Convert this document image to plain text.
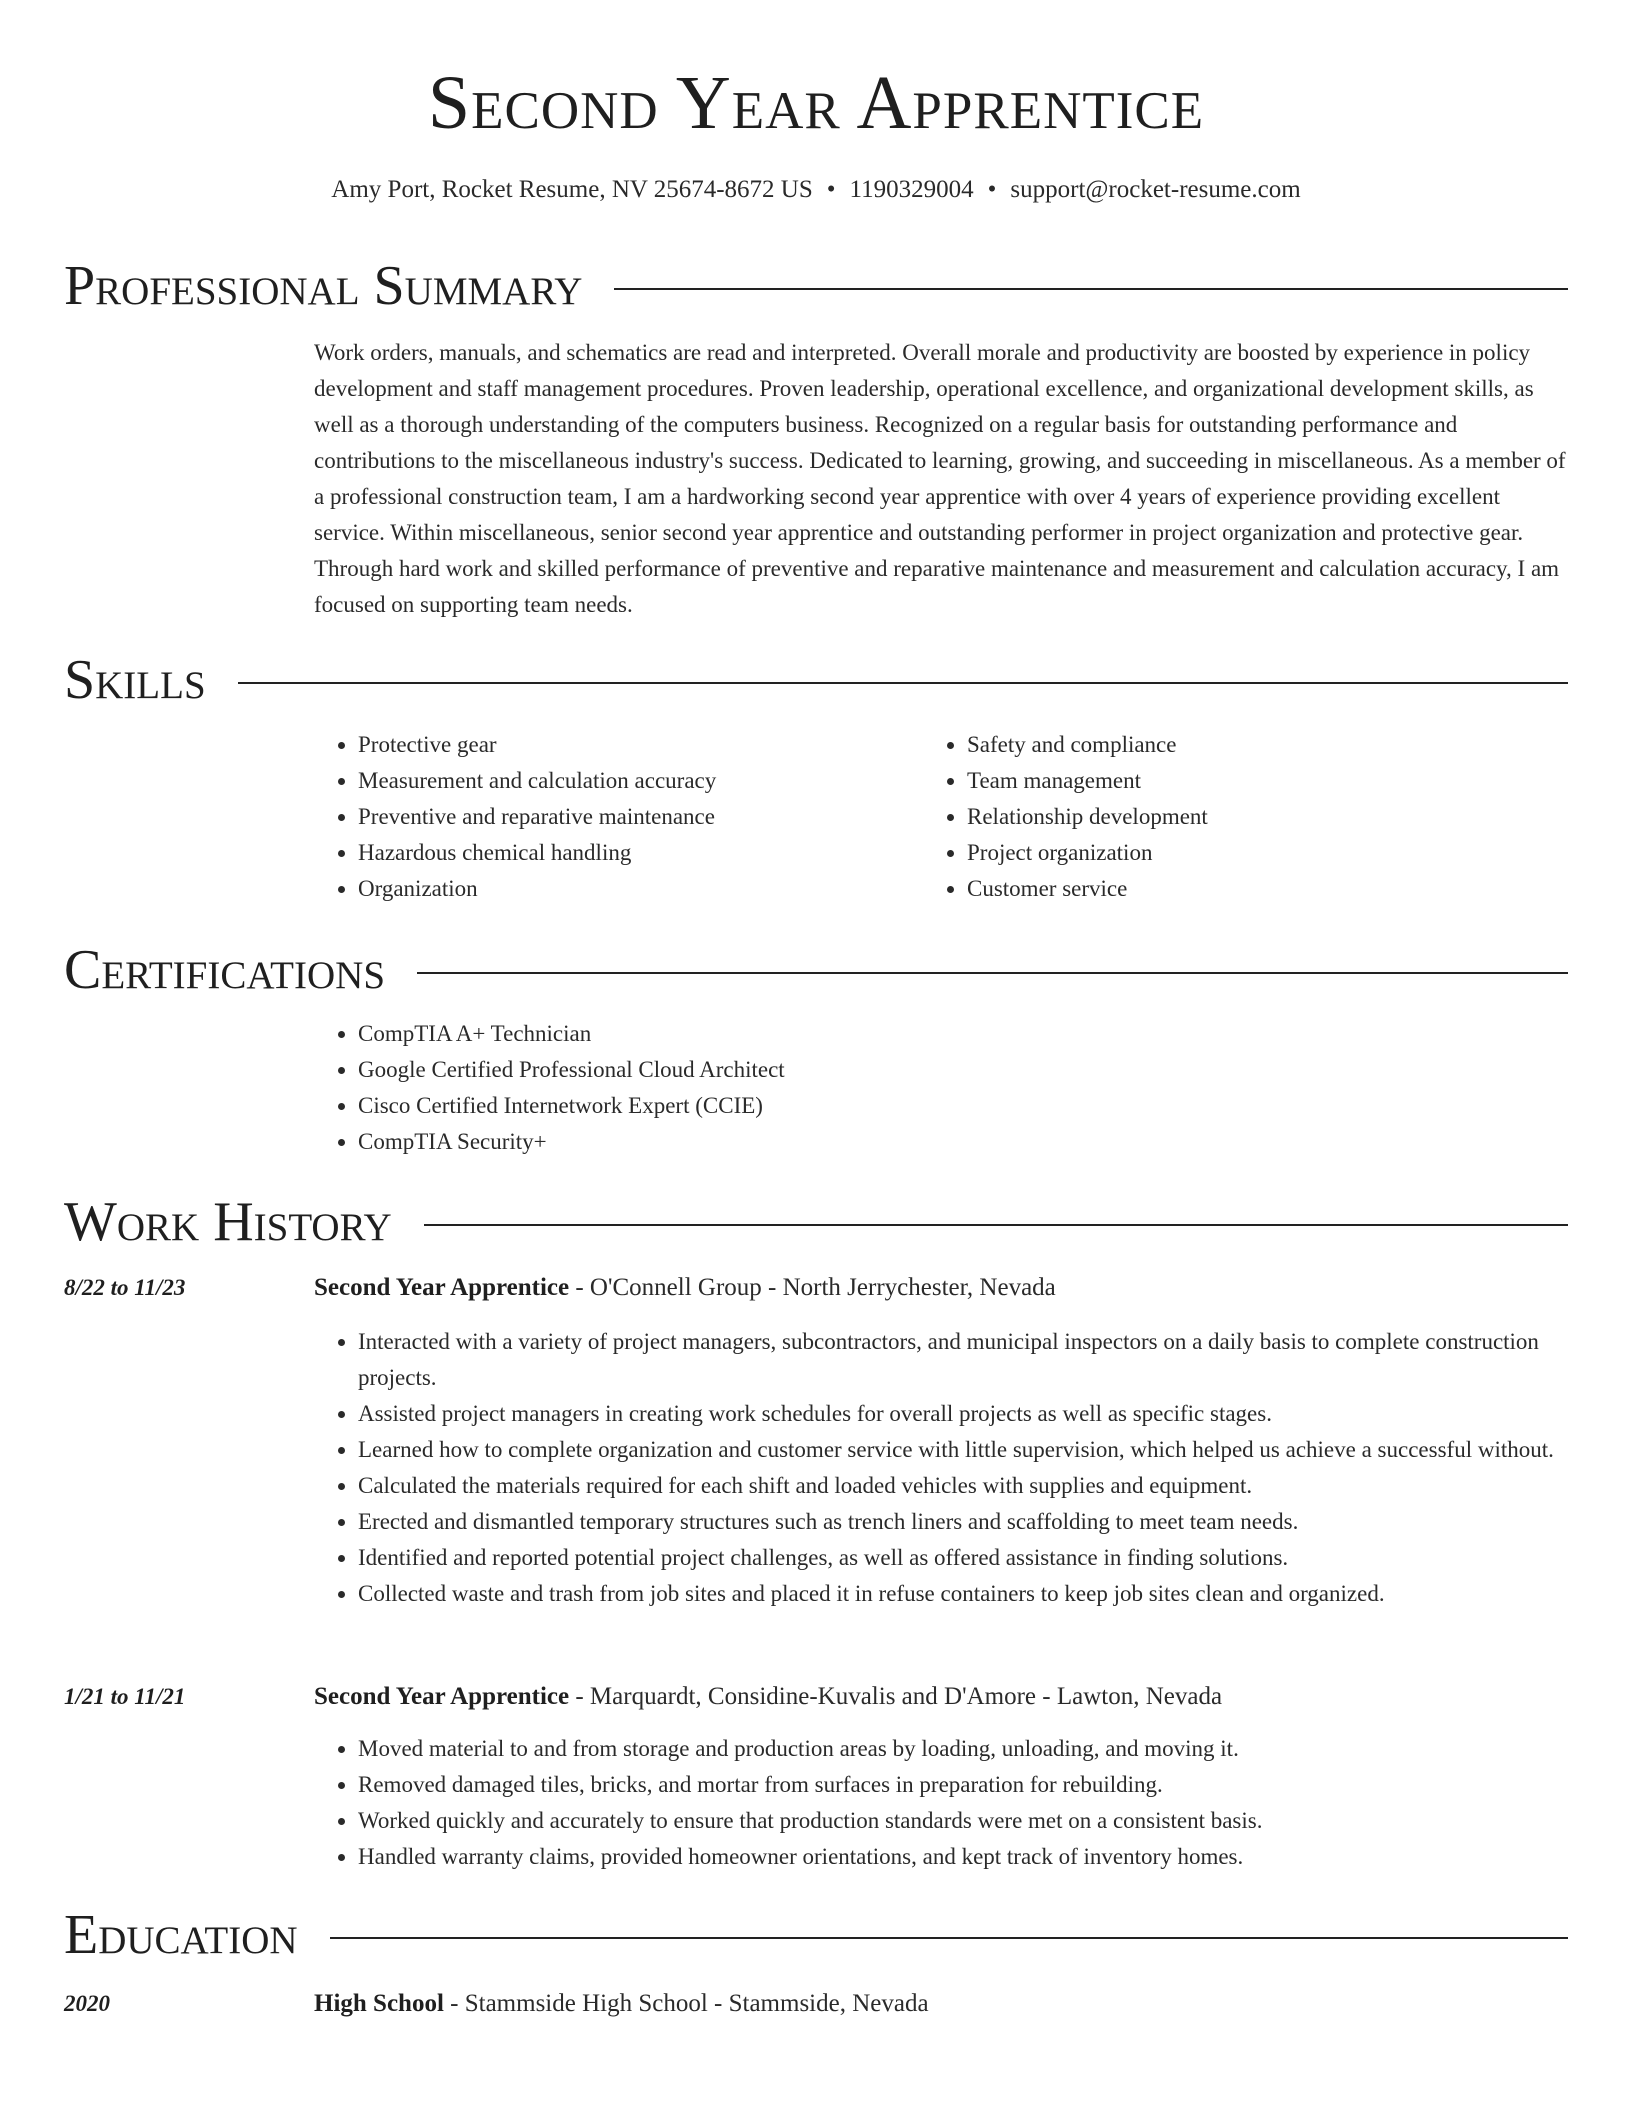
Second Year Apprentice
Amy Port, Rocket Resume, NV 25674-8672 US • 1190329004 • support@rocket-resume.com
Professional Summary
Work orders, manuals, and schematics are read and interpreted. Overall morale and productivity are boosted by experience in policy development and staff management procedures. Proven leadership, operational excellence, and organizational development skills, as well as a thorough understanding of the computers business. Recognized on a regular basis for outstanding performance and contributions to the miscellaneous industry's success. Dedicated to learning, growing, and succeeding in miscellaneous. As a member of a professional construction team, I am a hardworking second year apprentice with over 4 years of experience providing excellent service. Within miscellaneous, senior second year apprentice and outstanding performer in project organization and protective gear. Through hard work and skilled performance of preventive and reparative maintenance and measurement and calculation accuracy, I am focused on supporting team needs.
Skills
• Protective gear
• Measurement and calculation accuracy
• Preventive and reparative maintenance
• Hazardous chemical handling
• Organization
• Safety and compliance
• Team management
• Relationship development
• Project organization
• Customer service
Certifications
• CompTIA A+ Technician
• Google Certified Professional Cloud Architect
• Cisco Certified Internetwork Expert (CCIE)
• CompTIA Security+
Work History
8/22 to 11/23	Second Year Apprentice - O'Connell Group - North Jerrychester, Nevada
• Interacted with a variety of project managers, subcontractors, and municipal inspectors on a daily basis to complete construction projects.
• Assisted project managers in creating work schedules for overall projects as well as specific stages.
• Learned how to complete organization and customer service with little supervision, which helped us achieve a successful without.
• Calculated the materials required for each shift and loaded vehicles with supplies and equipment.
• Erected and dismantled temporary structures such as trench liners and scaffolding to meet team needs.
• Identified and reported potential project challenges, as well as offered assistance in finding solutions.
• Collected waste and trash from job sites and placed it in refuse containers to keep job sites clean and organized.
1/21 to 11/21	Second Year Apprentice - Marquardt, Considine-Kuvalis and D'Amore - Lawton, Nevada
• Moved material to and from storage and production areas by loading, unloading, and moving it.
• Removed damaged tiles, bricks, and mortar from surfaces in preparation for rebuilding.
• Worked quickly and accurately to ensure that production standards were met on a consistent basis.
• Handled warranty claims, provided homeowner orientations, and kept track of inventory homes.
Education
2020	High School - Stammside High School - Stammside, Nevada
